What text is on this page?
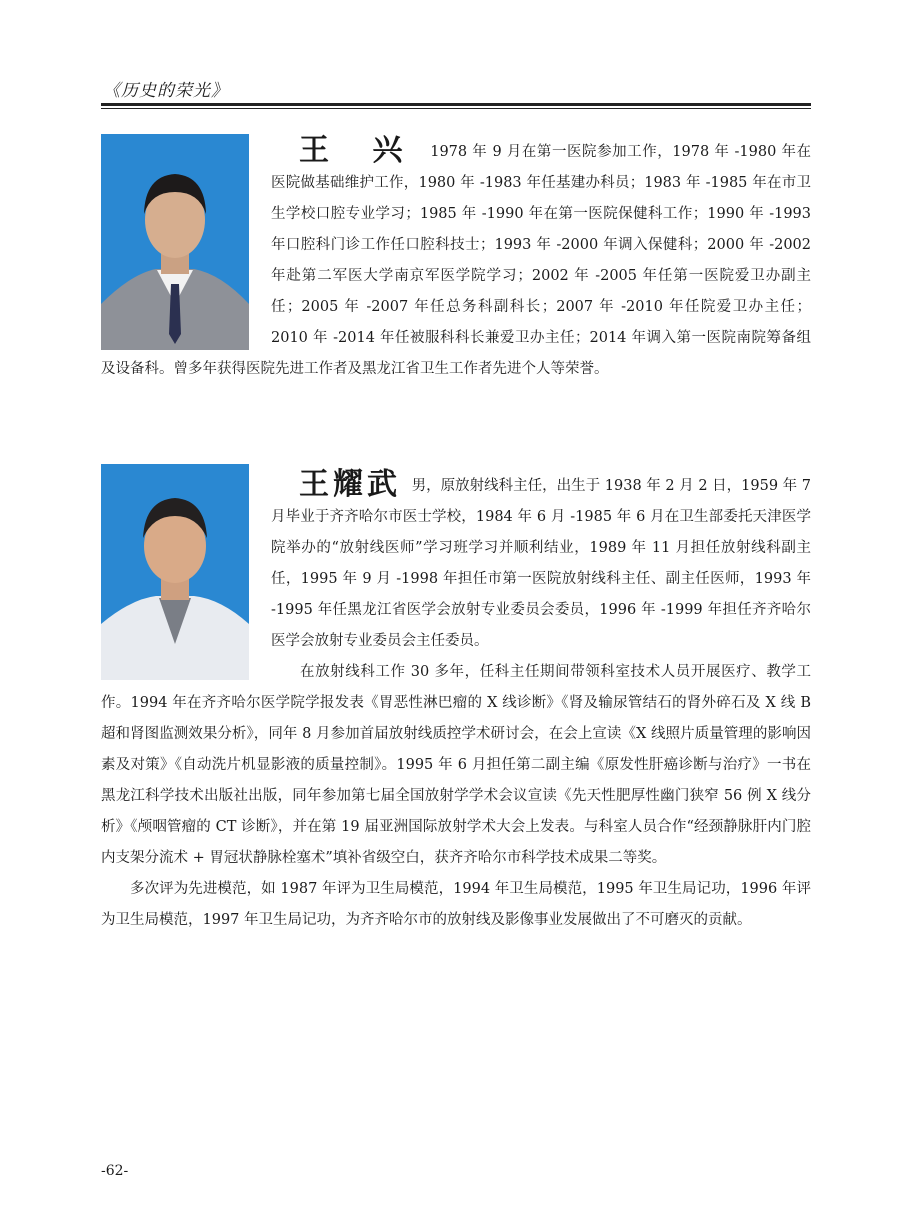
《历史的荣光》
王 兴 1978 年 9 月在第一医院参加工作，1978 年 -1980 年在医院做基础维护工作，1980 年 -1983 年任基建办科员；1983 年 -1985 年在市卫生学校口腔专业学习；1985 年 -1990 年在第一医院保健科工作；1990 年 -1993 年口腔科门诊工作任口腔科技士；1993 年 -2000 年调入保健科；2000 年 -2002 年赴第二军医大学南京军医学院学习；2002 年 -2005 年任第一医院爱卫办副主任；2005 年 -2007 年任总务科副科长；2007 年 -2010 年任院爱卫办主任；2010 年 -2014 年任被服科科长兼爱卫办主任；2014 年调入第一医院南院筹备组及设备科。曾多年获得医院先进工作者及黑龙江省卫生工作者先进个人等荣誉。
王耀武 男，原放射线科主任，出生于 1938 年 2 月 2 日，1959 年 7 月毕业于齐齐哈尔市医士学校，1984 年 6 月 -1985 年 6 月在卫生部委托天津医学院举办的“放射线医师”学习班学习并顺利结业，1989 年 11 月担任放射线科副主任，1995 年 9 月 -1998 年担任市第一医院放射线科主任、副主任医师，1993 年 -1995 年任黑龙江省医学会放射专业委员会委员，1996 年 -1999 年担任齐齐哈尔医学会放射专业委员会主任委员。
在放射线科工作 30 多年，任科主任期间带领科室技术人员开展医疗、教学工作。1994 年在齐齐哈尔医学院学报发表《胃恶性淋巴瘤的 X 线诊断》《肾及输尿管结石的肾外碎石及 X 线 B 超和肾图监测效果分析》，同年 8 月参加首届放射线质控学术研讨会，在会上宣读《X 线照片质量管理的影响因素及对策》《自动洗片机显影液的质量控制》。1995 年 6 月担任第二副主编《原发性肝癌诊断与治疗》一书在黑龙江科学技术出版社出版，同年参加第七届全国放射学学术会议宣读《先天性肥厚性幽门狭窄 56 例 X 线分析》《颅咽管瘤的 CT 诊断》，并在第 19 届亚洲国际放射学术大会上发表。与科室人员合作“经颈静脉肝内门腔内支架分流术 + 胃冠状静脉栓塞术”填补省级空白，获齐齐哈尔市科学技术成果二等奖。
多次评为先进模范，如 1987 年评为卫生局模范，1994 年卫生局模范，1995 年卫生局记功，1996 年评为卫生局模范，1997 年卫生局记功，为齐齐哈尔市的放射线及影像事业发展做出了不可磨灭的贡献。
-62-
